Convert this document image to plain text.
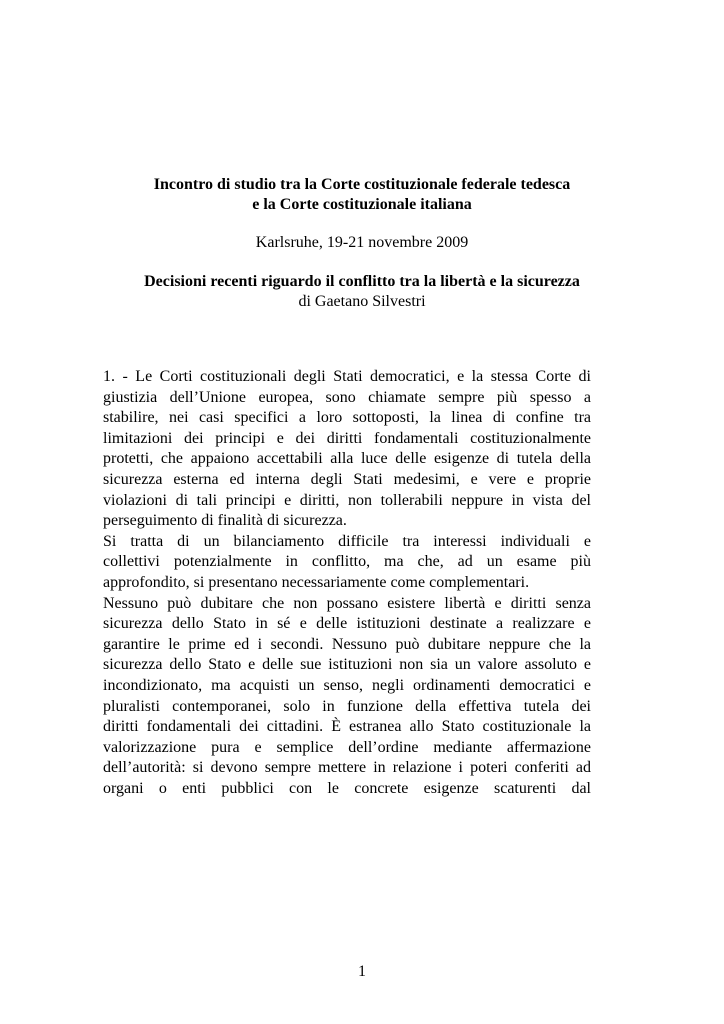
Incontro di studio tra la Corte costituzionale federale tedesca
e la Corte costituzionale italiana
Karlsruhe, 19-21 novembre 2009
Decisioni recenti riguardo il conflitto tra la libertà e la sicurezza
di Gaetano Silvestri
1. - Le Corti costituzionali degli Stati democratici, e la stessa Corte di
giustizia dell’Unione europea, sono chiamate sempre più spesso a
stabilire, nei casi specifici a loro sottoposti, la linea di confine tra
limitazioni dei principi e dei diritti fondamentali costituzionalmente
protetti, che appaiono accettabili alla luce delle esigenze di tutela della
sicurezza esterna ed interna degli Stati medesimi, e vere e proprie
violazioni di tali principi e diritti, non tollerabili neppure in vista del
perseguimento di finalità di sicurezza.
Si tratta di un bilanciamento difficile tra interessi individuali e
collettivi potenzialmente in conflitto, ma che, ad un esame più
approfondito, si presentano necessariamente come complementari.
Nessuno può dubitare che non possano esistere libertà e diritti senza
sicurezza dello Stato in sé e delle istituzioni destinate a realizzare e
garantire le prime ed i secondi. Nessuno può dubitare neppure che la
sicurezza dello Stato e delle sue istituzioni non sia un valore assoluto e
incondizionato, ma acquisti un senso, negli ordinamenti democratici e
pluralisti contemporanei, solo in funzione della effettiva tutela dei
diritti fondamentali dei cittadini. È estranea allo Stato costituzionale la
valorizzazione pura e semplice dell’ordine mediante affermazione
dell’autorità: si devono sempre mettere in relazione i poteri conferiti ad
organi o enti pubblici con le concrete esigenze scaturenti dal
1
